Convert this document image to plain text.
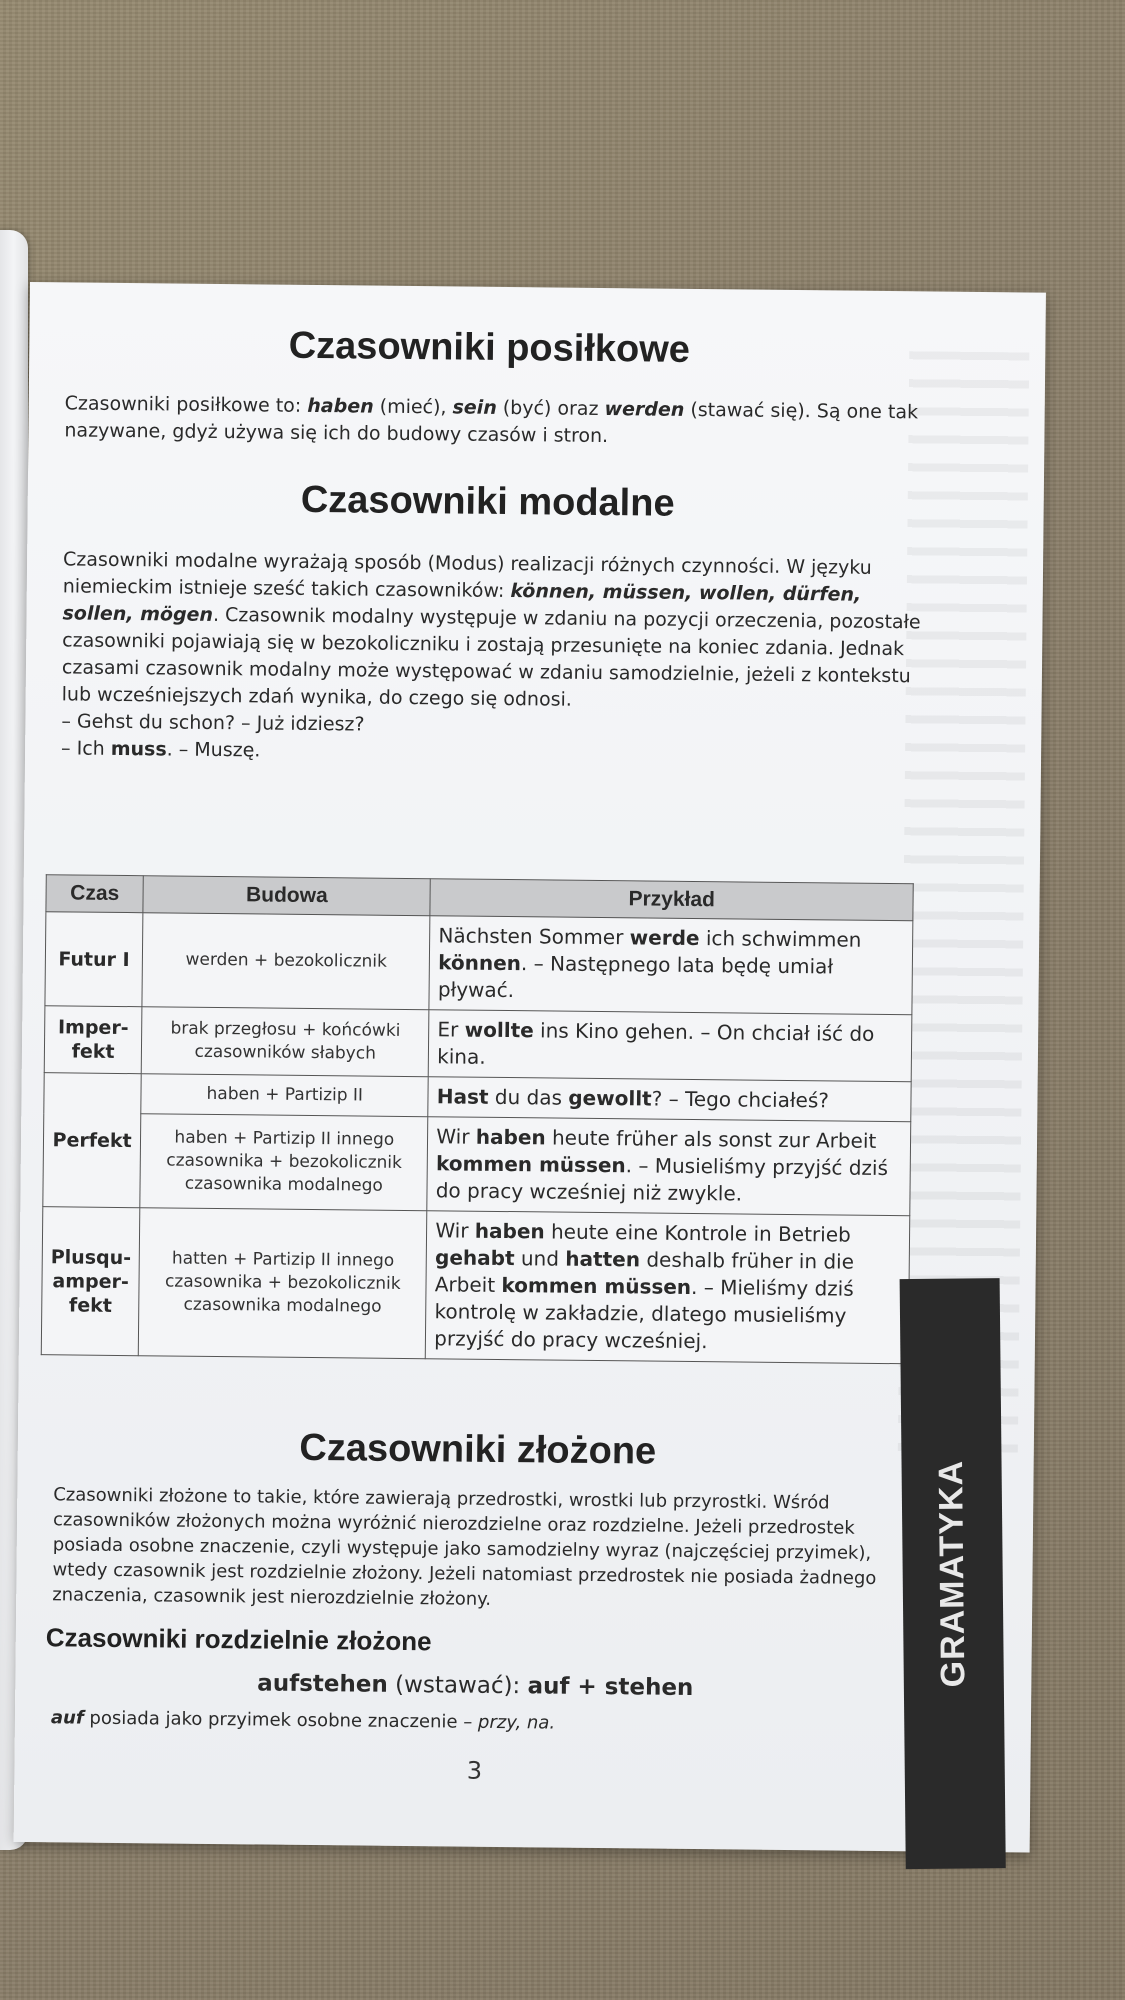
Czasowniki posiłkowe

Czasowniki posiłkowe to: haben (mieć), sein (być) oraz werden (stawać się). Są one tak nazywane, gdyż używa się ich do budowy czasów i stron.

Czasowniki modalne

Czasowniki modalne wyrażają sposób (Modus) realizacji różnych czynności. W języku niemieckim istnieje sześć takich czasowników: können, müssen, wollen, dürfen, sollen, mögen. Czasownik modalny występuje w zdaniu na pozycji orzeczenia, pozostałe czasowniki pojawiają się w bezokoliczniku i zostają przesunięte na koniec zdania. Jednak czasami czasownik modalny może występować w zdaniu samodzielnie, jeżeli z kontekstu lub wcześniejszych zdań wynika, do czego się odnosi.
– Gehst du schon? – Już idziesz?
– Ich muss. – Muszę.

Czas	Budowa	Przykład
Futur I	werden + bezokolicznik	Nächsten Sommer werde ich schwimmen können. – Następnego lata będę umiał pływać.
Imper-fekt	brak przegłosu + końcówki czasowników słabych	Er wollte ins Kino gehen. – On chciał iść do kina.
Perfekt	haben + Partizip II	Hast du das gewollt? – Tego chciałeś?
	haben + Partizip II innego czasownika + bezokolicznik czasownika modalnego	Wir haben heute früher als sonst zur Arbeit kommen müssen. – Musieliśmy przyjść dziś do pracy wcześniej niż zwykle.
Plusqu-amper-fekt	hatten + Partizip II innego czasownika + bezokolicznik czasownika modalnego	Wir haben heute eine Kontrole in Betrieb gehabt und hatten deshalb früher in die Arbeit kommen müssen. – Mieliśmy dziś kontrolę w zakładzie, dlatego musieliśmy przyjść do pracy wcześniej.
Czasowniki złożone

Czasowniki złożone to takie, które zawierają przedrostki, wrostki lub przyrostki. Wśród czasowników złożonych można wyróżnić nierozdzielne oraz rozdzielne. Jeżeli przedrostek posiada osobne znaczenie, czyli występuje jako samodzielny wyraz (najczęściej przyimek), wtedy czasownik jest rozdzielnie złożony. Jeżeli natomiast przedrostek nie posiada żadnego znaczenia, czasownik jest nierozdzielnie złożony.

Czasowniki rozdzielnie złożone
aufstehen (wstawać): auf + stehen
auf posiada jako przyimek osobne znaczenie – przy, na.
3
GRAMATYKA
